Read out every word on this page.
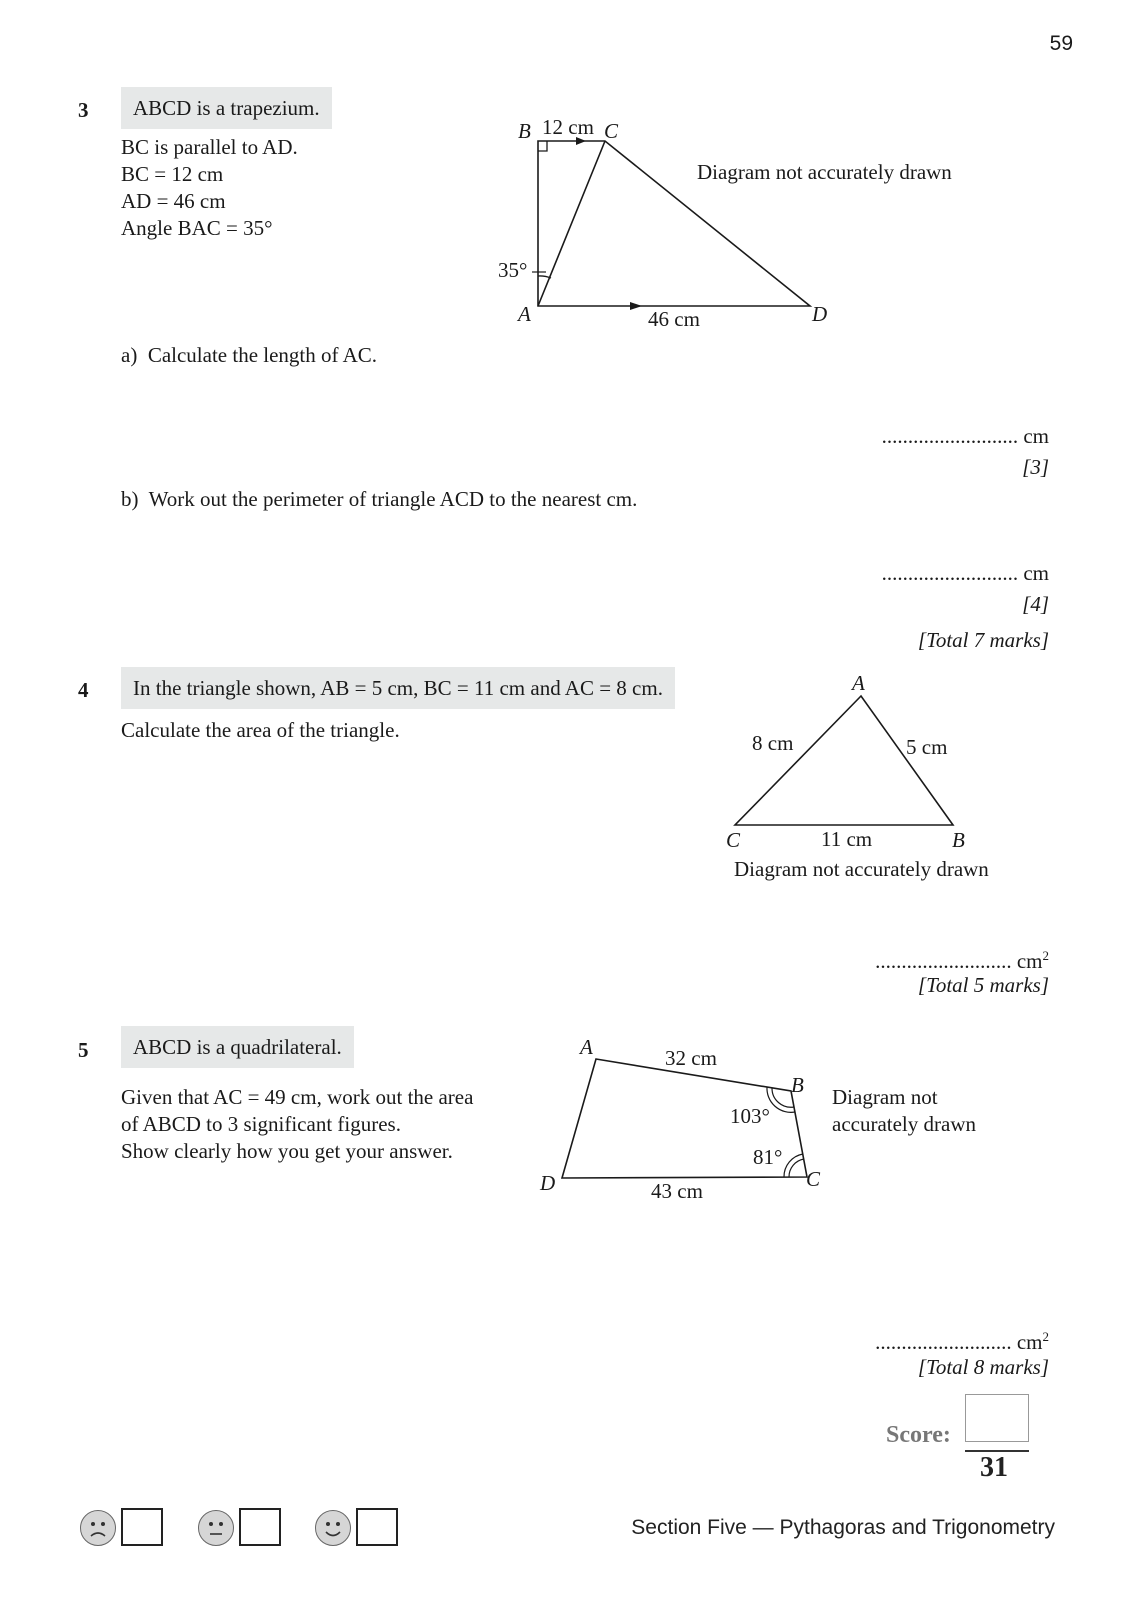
59
3	ABCD is a trapezium.
BC is parallel to AD.
BC = 12 cm
AD = 46 cm
Angle BAC = 35°
B 12 cm C
35°
A	46 cm	D
Diagram not accurately drawn
a) Calculate the length of AC.
.......................... cm
[3]
b) Work out the perimeter of triangle ACD to the nearest cm.
.......................... cm
[4]
[Total 7 marks]
4	In the triangle shown, AB = 5 cm, BC = 11 cm and AC = 8 cm.
Calculate the area of the triangle.
A
8 cm	5 cm
C	11 cm	B
Diagram not accurately drawn
.......................... $cm^2$
[Total 5 marks]
5	ABCD is a quadrilateral.
Given that AC = 49 cm, work out the area
of ABCD to 3 significant figures.
Show clearly how you get your answer.
A	32 cm
B
103°
81°
C
D	43 cm
Diagram not
accurately drawn
.......................... $cm^2$
[Total 8 marks]
Score:
31
Section Five — Pythagoras and Trigonometry
